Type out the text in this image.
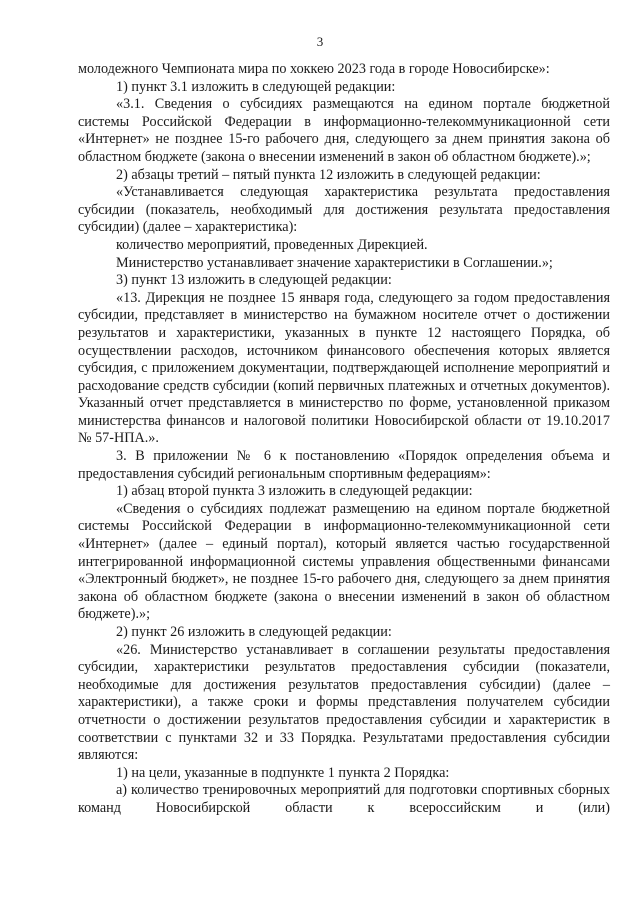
3

молодежного Чемпионата мира по хоккею 2023 года в городе Новосибирске»:

1) пункт 3.1 изложить в следующей редакции:

«3.1. Сведения о субсидиях размещаются на едином портале бюджетной системы Российской Федерации в информационно-телекоммуникационной сети «Интернет» не позднее 15-го рабочего дня, следующего за днем принятия закона об областном бюджете (закона о внесении изменений в закон об областном бюджете).»;

2) абзацы третий – пятый пункта 12 изложить в следующей редакции:

«Устанавливается следующая характеристика результата предоставления субсидии (показатель, необходимый для достижения результата предоставления субсидии) (далее – характеристика):

количество мероприятий, проведенных Дирекцией.

Министерство устанавливает значение характеристики в Соглашении.»;

3) пункт 13 изложить в следующей редакции:

«13. Дирекция не позднее 15 января года, следующего за годом предоставления субсидии, представляет в министерство на бумажном носителе отчет о достижении результатов и характеристики, указанных в пункте 12 настоящего Порядка, об осуществлении расходов, источником финансового обеспечения которых является субсидия, с приложением документации, подтверждающей исполнение мероприятий и расходование средств субсидии (копий первичных платежных и отчетных документов). Указанный отчет представляется в министерство по форме, установленной приказом министерства финансов и налоговой политики Новосибирской области от 19.10.2017 № 57-НПА.».

3. В приложении № 6 к постановлению «Порядок определения объема и предоставления субсидий региональным спортивным федерациям»:

1) абзац второй пункта 3 изложить в следующей редакции:

«Сведения о субсидиях подлежат размещению на едином портале бюджетной системы Российской Федерации в информационно-телекоммуникационной сети «Интернет» (далее – единый портал), который является частью государственной интегрированной информационной системы управления общественными финансами «Электронный бюджет», не позднее 15-го рабочего дня, следующего за днем принятия закона об областном бюджете (закона о внесении изменений в закон об областном бюджете).»;

2) пункт 26 изложить в следующей редакции:

«26. Министерство устанавливает в соглашении результаты предоставления субсидии, характеристики результатов предоставления субсидии (показатели, необходимые для достижения результатов предоставления субсидии) (далее – характеристики), а также сроки и формы представления получателем субсидии отчетности о достижении результатов предоставления субсидии и характеристик в соответствии с пунктами 32 и 33 Порядка. Результатами предоставления субсидии являются:

1) на цели, указанные в подпункте 1 пункта 2 Порядка:

а) количество тренировочных мероприятий для подготовки спортивных сборных команд Новосибирской области к всероссийским и (или)
